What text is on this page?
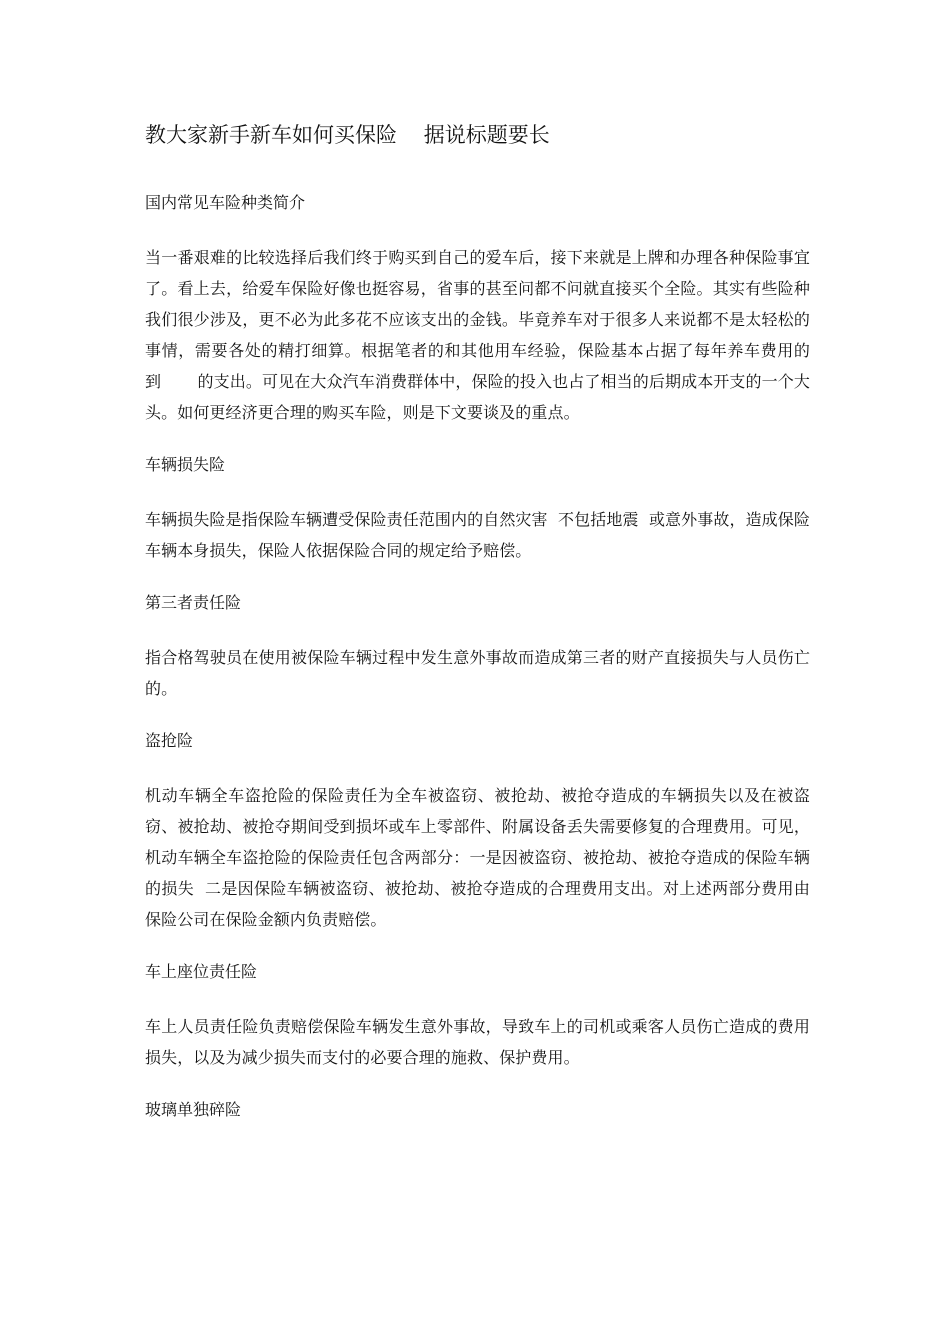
教大家新手新车如何买保险    据说标题要长
国内常见车险种类简介

当一番艰难的比较选择后我们终于购买到自己的爱车后，接下来就是上牌和办理各种保险事宜了。看上去，给爱车保险好像也挺容易，省事的甚至问都不问就直接买个全险。其实有些险种我们很少涉及，更不必为此多花不应该支出的金钱。毕竟养车对于很多人来说都不是太轻松的事情，需要各处的精打细算。根据笔者的和其他用车经验，保险基本占据了每年养车费用的       到       的支出。可见在大众汽车消费群体中，保险的投入也占了相当的后期成本开支的一个大头。如何更经济更合理的购买车险，则是下文要谈及的重点。

车辆损失险

车辆损失险是指保险车辆遭受保险责任范围内的自然灾害  不包括地震  或意外事故，造成保险车辆本身损失，保险人依据保险合同的规定给予赔偿。

第三者责任险

指合格驾驶员在使用被保险车辆过程中发生意外事故而造成第三者的财产直接损失与人员伤亡的。

盗抢险

机动车辆全车盗抢险的保险责任为全车被盗窃、被抢劫、被抢夺造成的车辆损失以及在被盗窃、被抢劫、被抢夺期间受到损坏或车上零部件、附属设备丢失需要修复的合理费用。可见，机动车辆全车盗抢险的保险责任包含两部分：一是因被盗窃、被抢劫、被抢夺造成的保险车辆的损失  二是因保险车辆被盗窃、被抢劫、被抢夺造成的合理费用支出。对上述两部分费用由保险公司在保险金额内负责赔偿。

车上座位责任险

车上人员责任险负责赔偿保险车辆发生意外事故，导致车上的司机或乘客人员伤亡造成的费用损失，以及为减少损失而支付的必要合理的施救、保护费用。

玻璃单独碎险
